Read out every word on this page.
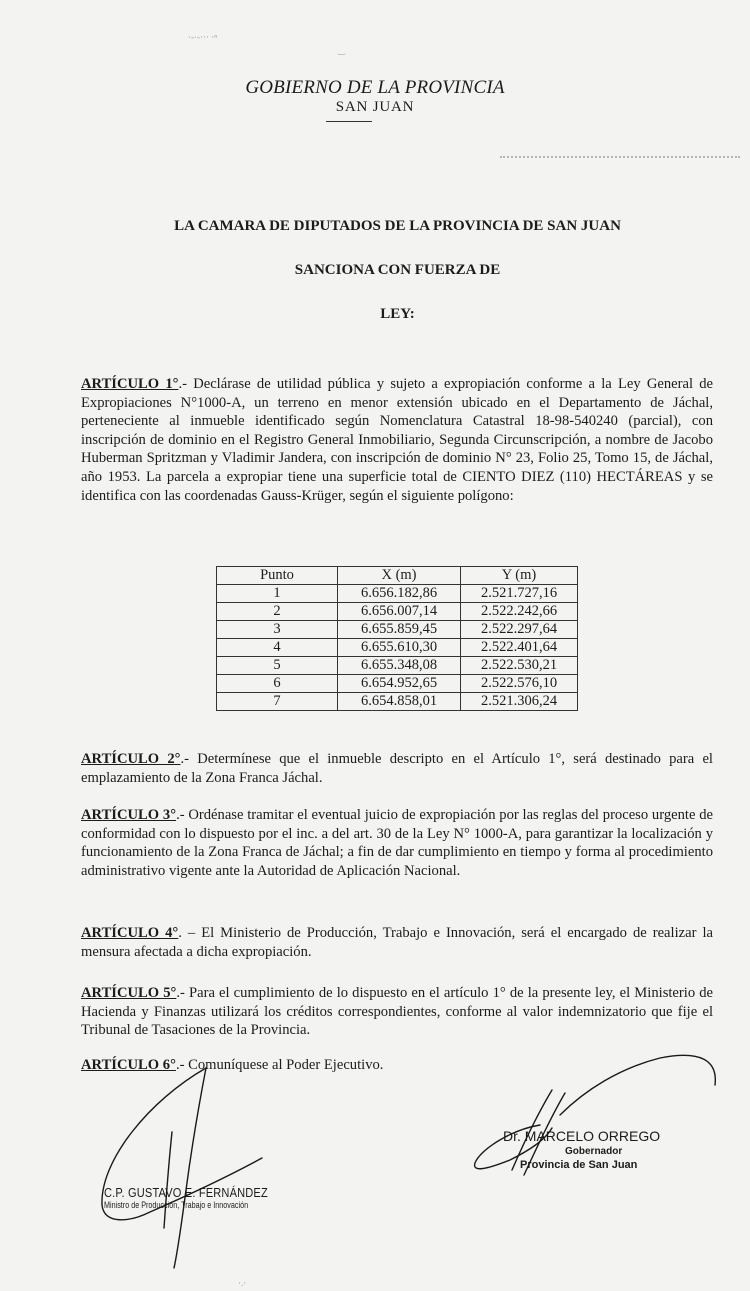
·-·-··· ·ⁿ
‿
GOBIERNO DE LA PROVINCIA
SAN JUAN
LA CAMARA DE DIPUTADOS DE LA PROVINCIA DE SAN JUAN
SANCIONA CON FUERZA DE
LEY:
ARTÍCULO 1°.- Declárase de utilidad pública y sujeto a expropiación conforme a la Ley General de Expropiaciones N°1000-A, un terreno en menor extensión ubicado en el Departamento de Jáchal, perteneciente al inmueble identificado según Nomenclatura Catastral 18-98-540240 (parcial), con inscripción de dominio en el Registro General Inmobiliario, Segunda Circunscripción, a nombre de Jacobo Huberman Spritzman y Vladimir Jandera, con inscripción de dominio N° 23, Folio 25, Tomo 15, de Jáchal, año 1953. La parcela a expropiar tiene una superficie total de CIENTO DIEZ (110) HECTÁREAS y se identifica con las coordenadas Gauss-Krüger, según el siguiente polígono:
Punto	X (m)	Y (m)
1	6.656.182,86	2.521.727,16
2	6.656.007,14	2.522.242,66
3	6.655.859,45	2.522.297,64
4	6.655.610,30	2.522.401,64
5	6.655.348,08	2.522.530,21
6	6.654.952,65	2.522.576,10
7	6.654.858,01	2.521.306,24
ARTÍCULO 2°.- Determínese que el inmueble descripto en el Artículo 1°, será destinado para el emplazamiento de la Zona Franca Jáchal.
ARTÍCULO 3°.- Ordénase tramitar el eventual juicio de expropiación por las reglas del proceso urgente de conformidad con lo dispuesto por el inc. a del art. 30 de la Ley N° 1000-A, para garantizar la localización y funcionamiento de la Zona Franca de Jáchal; a fin de dar cumplimiento en tiempo y forma al procedimiento administrativo vigente ante la Autoridad de Aplicación Nacional.
ARTÍCULO 4°. – El Ministerio de Producción, Trabajo e Innovación, será el encargado de realizar la mensura afectada a dicha expropiación.
ARTÍCULO 5°.- Para el cumplimiento de lo dispuesto en el artículo 1° de la presente ley, el Ministerio de Hacienda y Finanzas utilizará los créditos correspondientes, conforme al valor indemnizatorio que fije el Tribunal de Tasaciones de la Provincia.
ARTÍCULO 6°.- Comuníquese al Poder Ejecutivo.
C.P. GUSTAVO E. FERNÁNDEZ
Ministro de Producción, Trabajo e Innovación
Dr. MARCELO ORREGO
Gobernador
Provincia de San Juan
·.·
